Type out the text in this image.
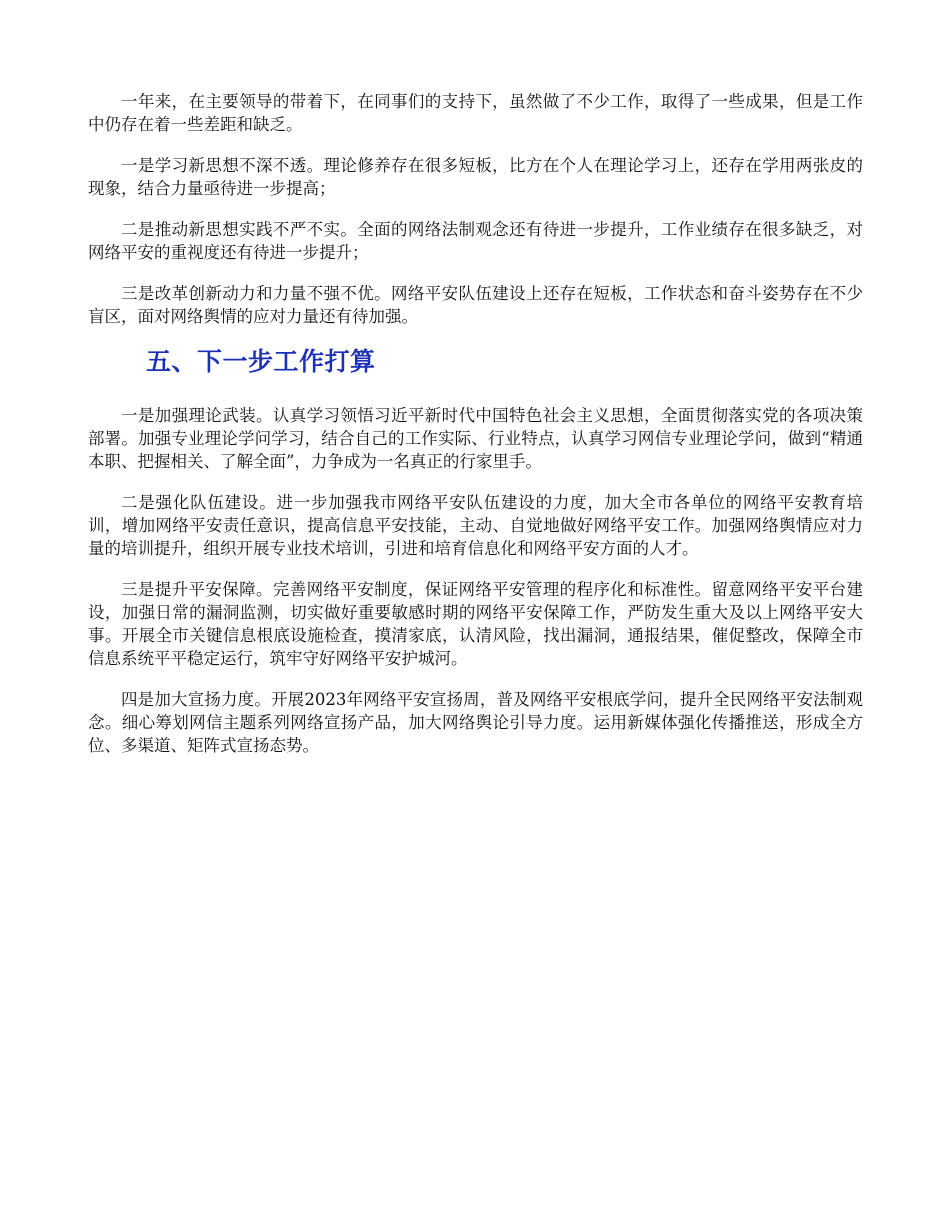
一年来，在主要领导的带着下，在同事们的支持下，虽然做了不少工作，取得了一些成果，但是工作中仍存在着一些差距和缺乏。

一是学习新思想不深不透。理论修养存在很多短板，比方在个人在理论学习上，还存在学用两张皮的现象，结合力量亟待进一步提高；

二是推动新思想实践不严不实。全面的网络法制观念还有待进一步提升，工作业绩存在很多缺乏，对网络平安的重视度还有待进一步提升；

三是改革创新动力和力量不强不优。网络平安队伍建设上还存在短板，工作状态和奋斗姿势存在不少盲区，面对网络舆情的应对力量还有待加强。

五、下一步工作打算

一是加强理论武装。认真学习领悟习近平新时代中国特色社会主义思想，全面贯彻落实党的各项决策部署。加强专业理论学问学习，结合自己的工作实际、行业特点，认真学习网信专业理论学问，做到“精通本职、把握相关、了解全面”，力争成为一名真正的行家里手。

二是强化队伍建设。进一步加强我市网络平安队伍建设的力度，加大全市各单位的网络平安教育培训，增加网络平安责任意识，提高信息平安技能，主动、自觉地做好网络平安工作。加强网络舆情应对力量的培训提升，组织开展专业技术培训，引进和培育信息化和网络平安方面的人才。

三是提升平安保障。完善网络平安制度，保证网络平安管理的程序化和标准性。留意网络平安平台建设，加强日常的漏洞监测，切实做好重要敏感时期的网络平安保障工作，严防发生重大及以上网络平安大事。开展全市关键信息根底设施检查，摸清家底，认清风险，找出漏洞，通报结果，催促整改，保障全市信息系统平平稳定运行，筑牢守好网络平安护城河。

四是加大宣扬力度。开展2023年网络平安宣扬周，普及网络平安根底学问，提升全民网络平安法制观念。细心筹划网信主题系列网络宣扬产品，加大网络舆论引导力度。运用新媒体强化传播推送，形成全方位、多渠道、矩阵式宣扬态势。
